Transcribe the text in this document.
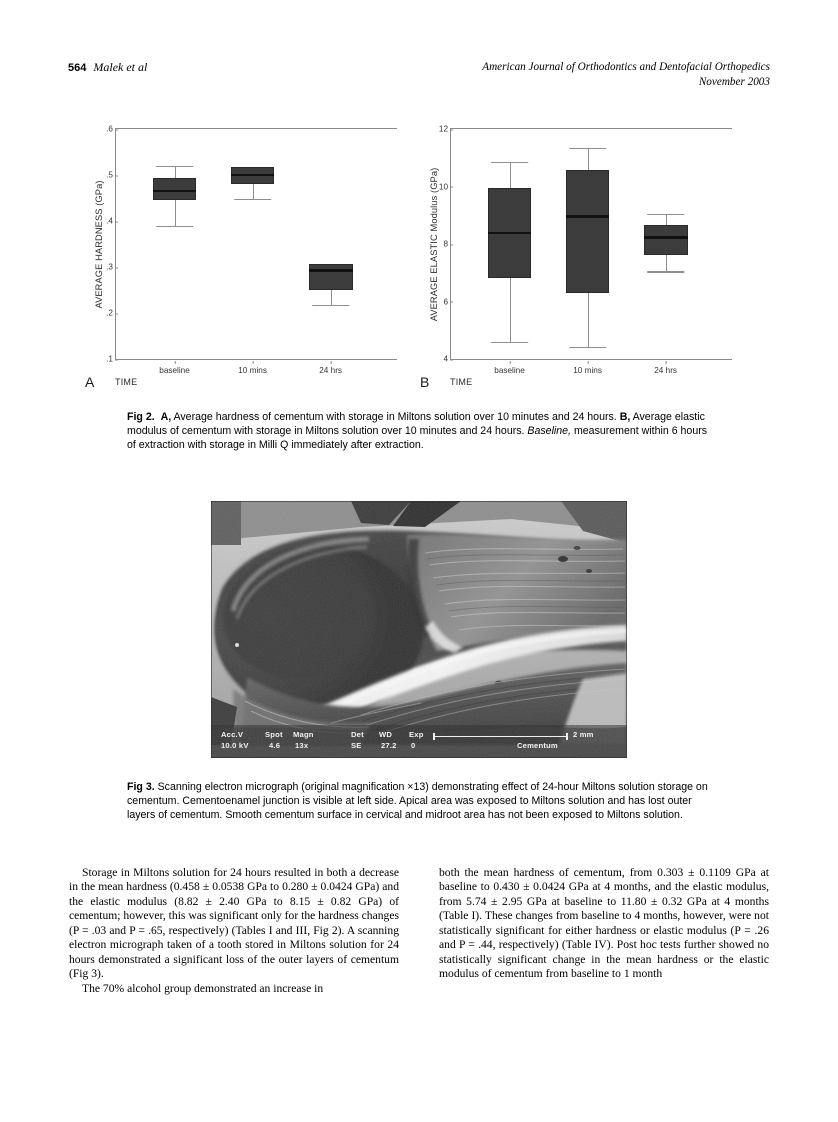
564 Malek et al	American Journal of Orthodontics and Dentofacial Orthopedics
November 2003
AVERAGE HARDNESS (GPa)
.6
.5
.4
.3
.2
.1
baseline	10 mins	24 hrs
A TIME
AVERAGE ELASTIC Modulus (GPa)
12
10
8
6
4
baseline	10 mins	24 hrs
B TIME
Fig 2. A, Average hardness of cementum with storage in Miltons solution over 10 minutes and 24 hours. B, Average elastic modulus of cementum with storage in Miltons solution over 10 minutes and 24 hours. Baseline, measurement within 6 hours of extraction with storage in Milli Q immediately after extraction.
Acc.V	Spot Magn	Det WD Exp	2 mm
10.0 kV	4.6 13x	SE	27.2 0	Cementum
Fig 3. Scanning electron micrograph (original magnification ×13) demonstrating effect of 24-hour Miltons solution storage on cementum. Cementoenamel junction is visible at left side. Apical area was exposed to Miltons solution and has lost outer layers of cementum. Smooth cementum surface in cervical and midroot area has not been exposed to Miltons solution.

Storage in Miltons solution for 24 hours resulted in both a decrease in the mean hardness (0.458 ± 0.0538 GPa to 0.280 ± 0.0424 GPa) and the elastic modulus (8.82 ± 2.40 GPa to 8.15 ± 0.82 GPa) of cementum; however, this was significant only for the hardness changes (P = .03 and P = .65, respectively) (Tables I and III, Fig 2). A scanning electron micrograph taken of a tooth stored in Miltons solution for 24 hours demonstrated a significant loss of the outer layers of cementum (Fig 3).

The 70% alcohol group demonstrated an increase in

both the mean hardness of cementum, from 0.303 ± 0.1109 GPa at baseline to 0.430 ± 0.0424 GPa at 4 months, and the elastic modulus, from 5.74 ± 2.95 GPa at baseline to 11.80 ± 0.32 GPa at 4 months (Table I). These changes from baseline to 4 months, however, were not statistically significant for either hardness or elastic modulus (P = .26 and P = .44, respectively) (Table IV). Post hoc tests further showed no statistically significant change in the mean hardness or the elastic modulus of cementum from baseline to 1 month
